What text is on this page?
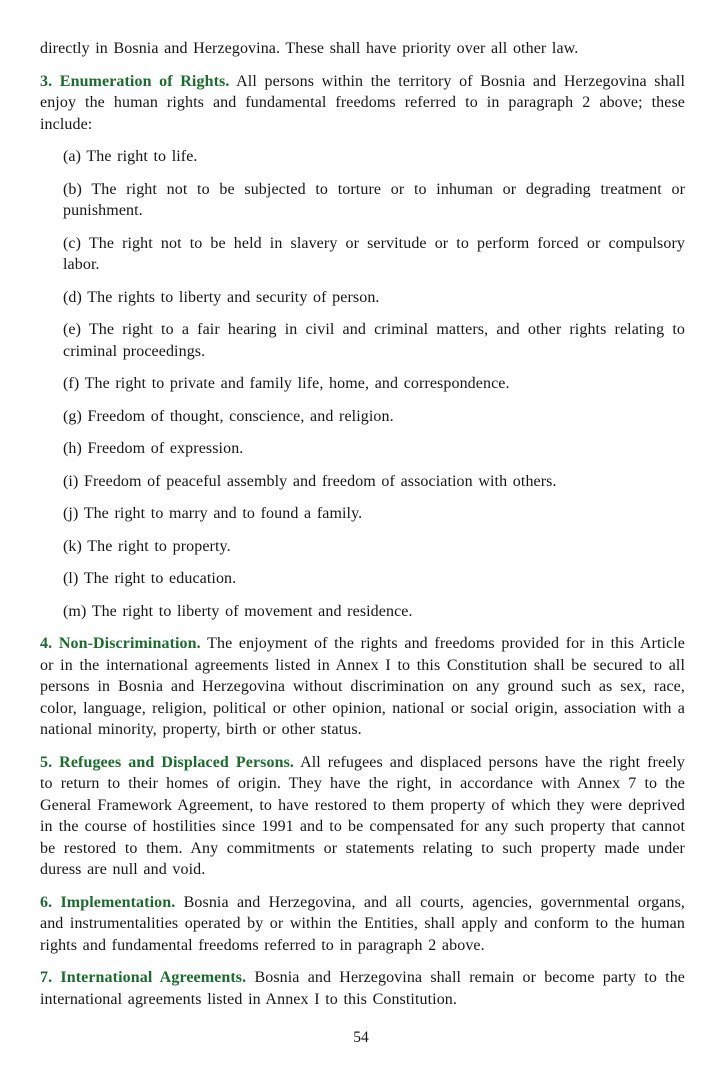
directly in Bosnia and Herzegovina. These shall have priority over all other law.

3. Enumeration of Rights. All persons within the territory of Bosnia and Herzegovina shall enjoy the human rights and fundamental freedoms referred to in paragraph 2 above; these include:

(a) The right to life.

(b) The right not to be subjected to torture or to inhuman or degrading treatment or punishment.

(c) The right not to be held in slavery or servitude or to perform forced or compulsory labor.

(d) The rights to liberty and security of person.

(e) The right to a fair hearing in civil and criminal matters, and other rights relating to criminal proceedings.

(f) The right to private and family life, home, and correspondence.

(g) Freedom of thought, conscience, and religion.

(h) Freedom of expression.

(i) Freedom of peaceful assembly and freedom of association with others.

(j) The right to marry and to found a family.

(k) The right to property.

(l) The right to education.

(m) The right to liberty of movement and residence.

4. Non-Discrimination. The enjoyment of the rights and freedoms provided for in this Article or in the international agreements listed in Annex I to this Constitution shall be secured to all persons in Bosnia and Herzegovina without discrimination on any ground such as sex, race, color, language, religion, political or other opinion, national or social origin, association with a national minority, property, birth or other status.

5. Refugees and Displaced Persons. All refugees and displaced persons have the right freely to return to their homes of origin. They have the right, in accordance with Annex 7 to the General Framework Agreement, to have restored to them property of which they were deprived in the course of hostilities since 1991 and to be compensated for any such property that cannot be restored to them. Any commitments or statements relating to such property made under duress are null and void.

6. Implementation. Bosnia and Herzegovina, and all courts, agencies, governmental organs, and instrumentalities operated by or within the Entities, shall apply and conform to the human rights and fundamental freedoms referred to in paragraph 2 above.

7. International Agreements. Bosnia and Herzegovina shall remain or become party to the international agreements listed in Annex I to this Constitution.

54
